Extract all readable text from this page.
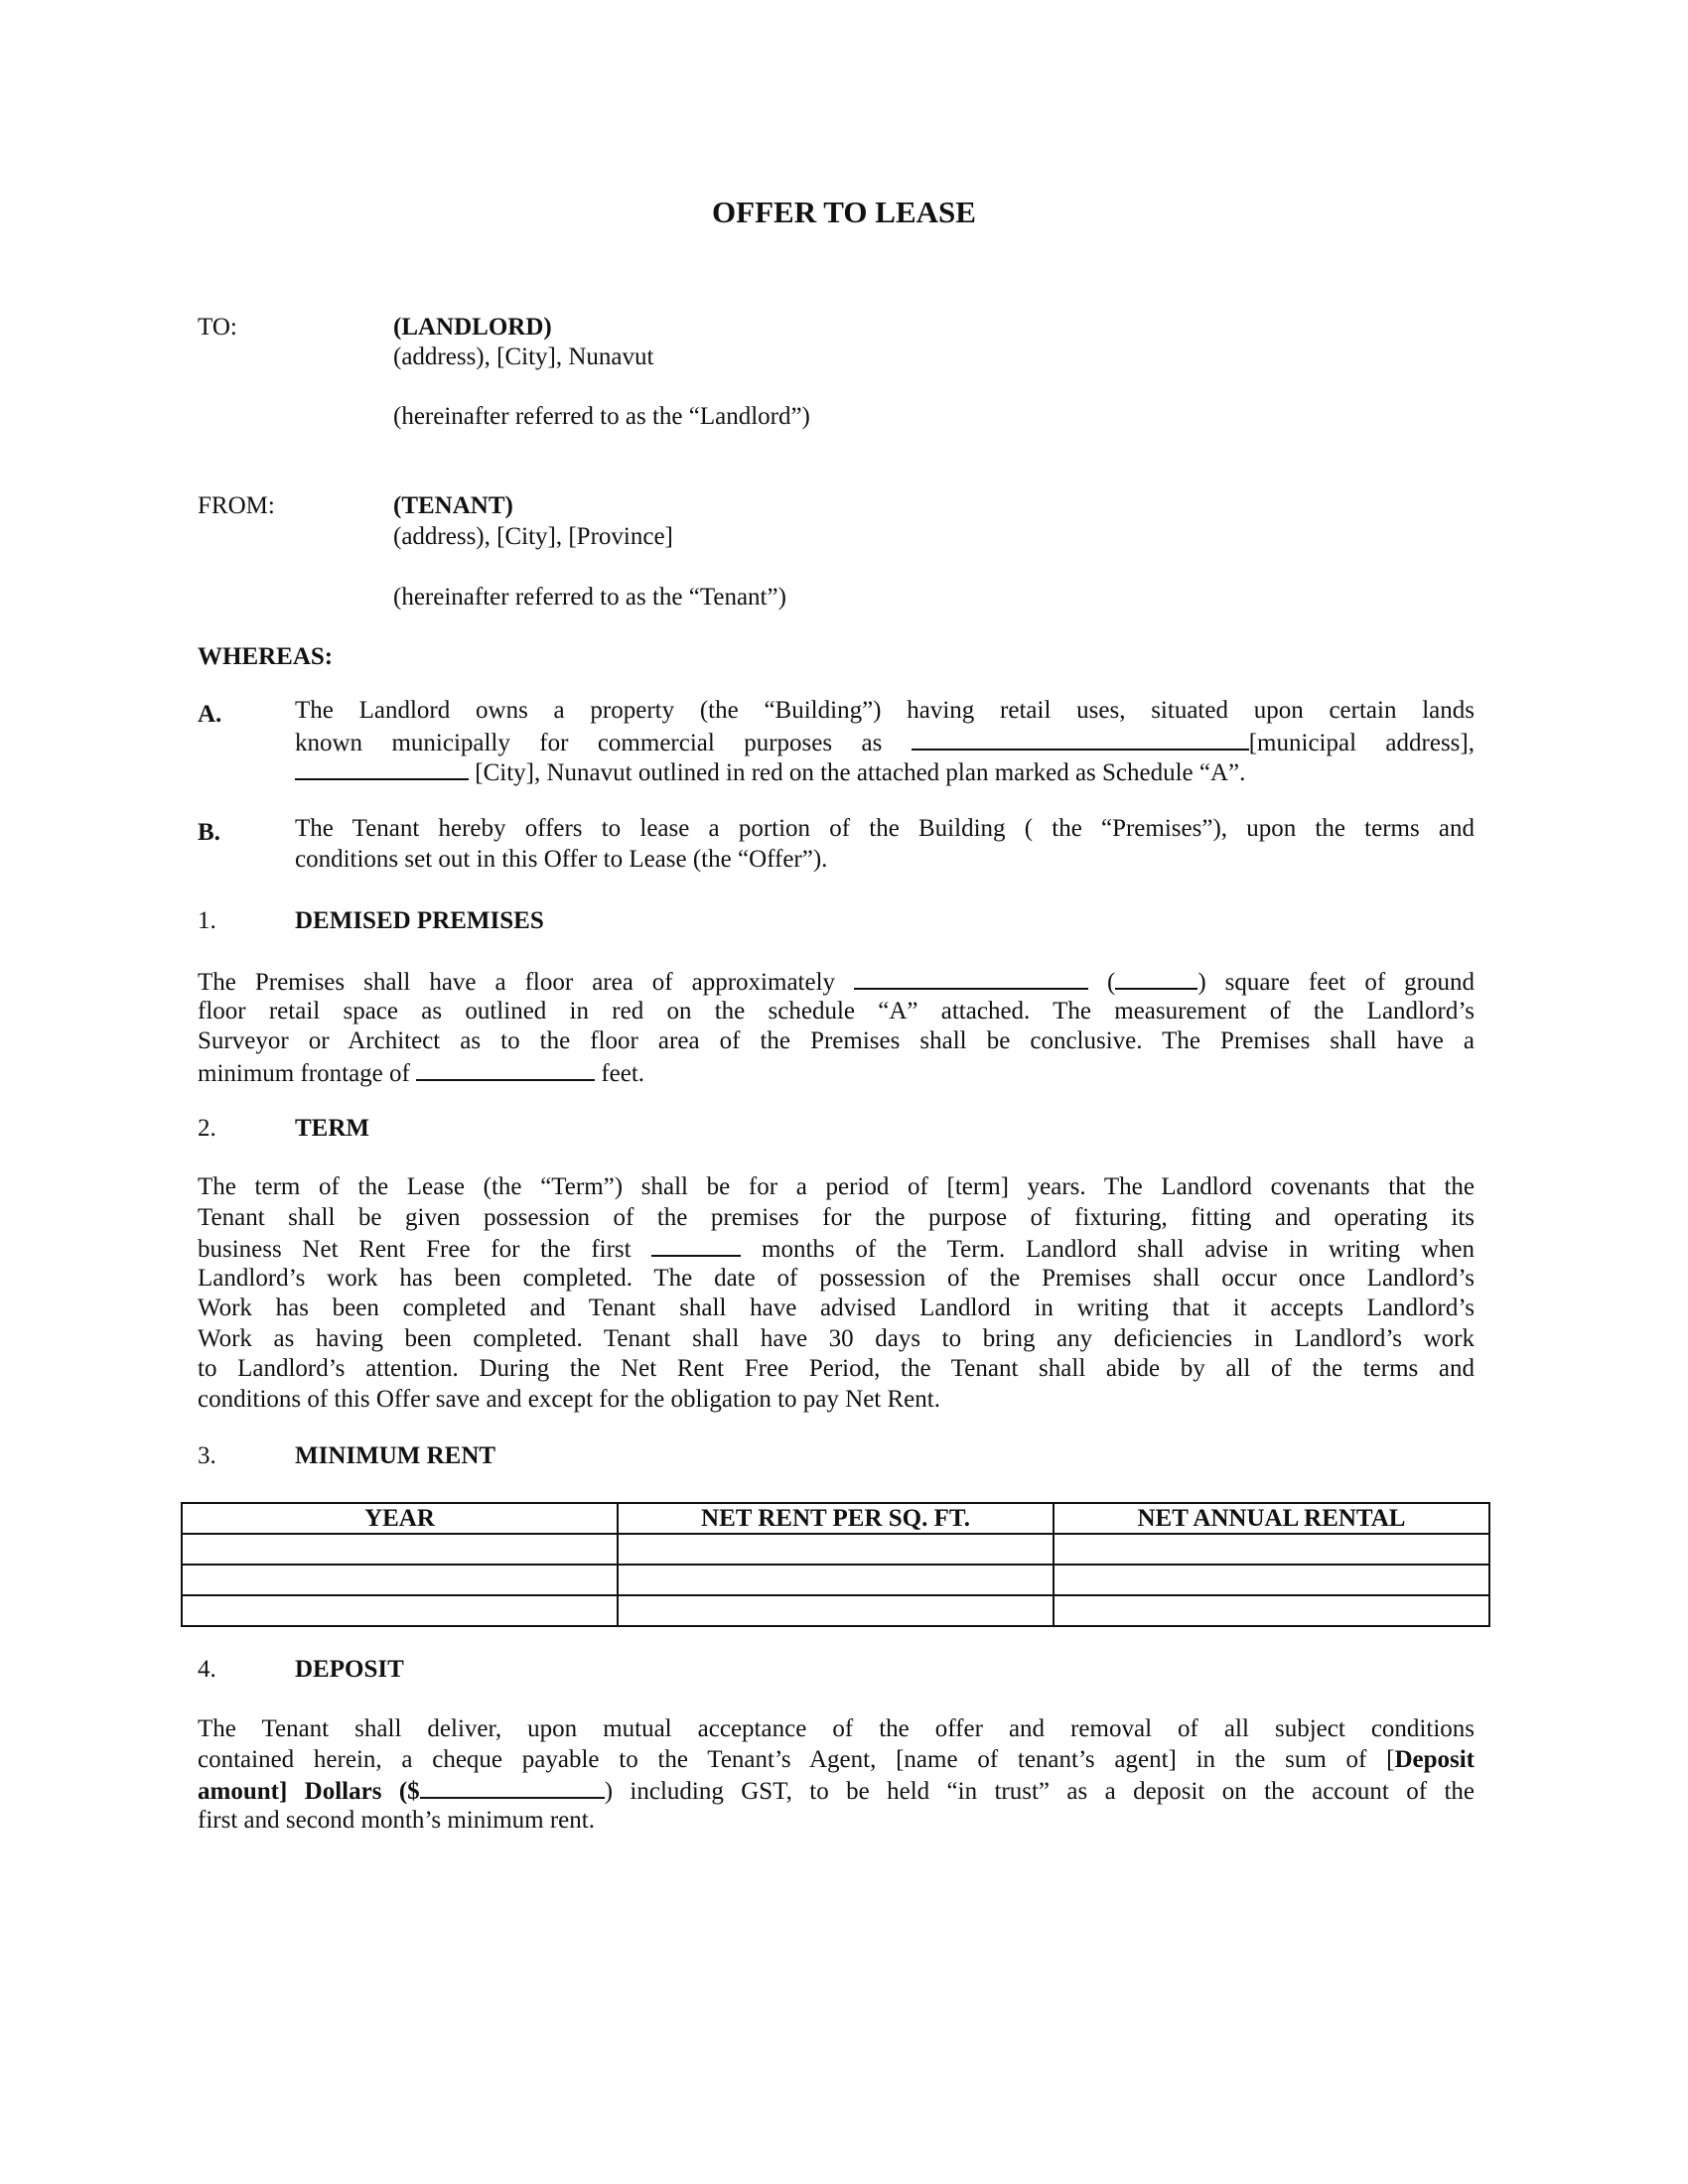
OFFER TO LEASE
TO:	(LANDLORD)
(address), [City], Nunavut
(hereinafter referred to as the “Landlord”)
FROM:	(TENANT)
(address), [City], [Province]
(hereinafter referred to as the “Tenant”)
WHEREAS:
A.	The Landlord owns a property (the “Building”) having retail uses, situated upon certain lands
known municipally for commercial purposes as	[municipal address],
[City], Nunavut outlined in red on the attached plan marked as Schedule “A”.
B.	The Tenant hereby offers to lease a portion of the Building ( the “Premises”), upon the terms and
conditions set out in this Offer to Lease (the “Offer”).
1.	DEMISED PREMISES
The Premises shall have a floor area of approximately	(	) square feet of ground
floor retail space as outlined in red on the schedule “A” attached. The measurement of the Landlord’s
Surveyor or Architect as to the floor area of the Premises shall be conclusive. The Premises shall have a
minimum frontage of	feet.
2.	TERM
The term of the Lease (the “Term”) shall be for a period of [term] years. The Landlord covenants that the
Tenant shall be given possession of the premises for the purpose of fixturing, fitting and operating its
business Net Rent Free for the first	months of the Term. Landlord shall advise in writing when
Landlord’s work has been completed. The date of possession of the Premises shall occur once Landlord’s
Work has been completed and Tenant shall have advised Landlord in writing that it accepts Landlord’s
Work as having been completed. Tenant shall have 30 days to bring any deficiencies in Landlord’s work
to Landlord’s attention. During the Net Rent Free Period, the Tenant shall abide by all of the terms and
conditions of this Offer save and except for the obligation to pay Net Rent.
3.	MINIMUM RENT
YEAR	NET RENT PER SQ. FT.	NET ANNUAL RENTAL

4.	DEPOSIT
The Tenant shall deliver, upon mutual acceptance of the offer and removal of all subject conditions
contained herein, a cheque payable to the Tenant’s Agent, [name of tenant’s agent] in the sum of [Deposit
amount] Dollars ($	) including GST, to be held “in trust” as a deposit on the account of the
first and second month’s minimum rent.
